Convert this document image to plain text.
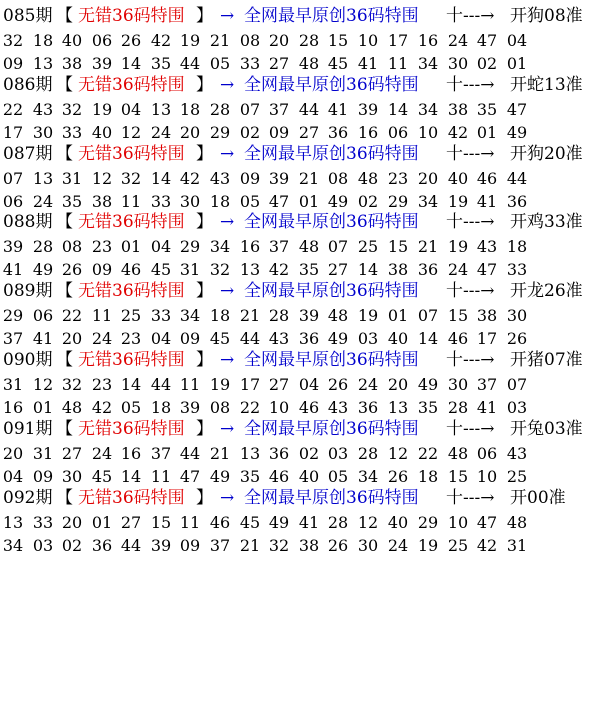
085期 【 无错36码特围 】 → 全网最早原创36码特围 十---→ 开狗08准
32 18 40 06 26 42 19 21 08 20 28 15 10 17 16 24 47 04
09 13 38 39 14 35 44 05 33 27 48 45 41 11 34 30 02 01
086期 【 无错36码特围 】 → 全网最早原创36码特围 十---→ 开蛇13准
22 43 32 19 04 13 18 28 07 37 44 41 39 14 34 38 35 47
17 30 33 40 12 24 20 29 02 09 27 36 16 06 10 42 01 49
087期 【 无错36码特围 】 → 全网最早原创36码特围 十---→ 开狗20准
07 13 31 12 32 14 42 43 09 39 21 08 48 23 20 40 46 44
06 24 35 38 11 33 30 18 05 47 01 49 02 29 34 19 41 36
088期 【 无错36码特围 】 → 全网最早原创36码特围 十---→ 开鸡33准
39 28 08 23 01 04 29 34 16 37 48 07 25 15 21 19 43 18
41 49 26 09 46 45 31 32 13 42 35 27 14 38 36 24 47 33
089期 【 无错36码特围 】 → 全网最早原创36码特围 十---→ 开龙26准
29 06 22 11 25 33 34 18 21 28 39 48 19 01 07 15 38 30
37 41 20 24 23 04 09 45 44 43 36 49 03 40 14 46 17 26
090期 【 无错36码特围 】 → 全网最早原创36码特围 十---→ 开猪07准
31 12 32 23 14 44 11 19 17 27 04 26 24 20 49 30 37 07
16 01 48 42 05 18 39 08 22 10 46 43 36 13 35 28 41 03
091期 【 无错36码特围 】 → 全网最早原创36码特围 十---→ 开兔03准
20 31 27 24 16 37 44 21 13 36 02 03 28 12 22 48 06 43
04 09 30 45 14 11 47 49 35 46 40 05 34 26 18 15 10 25
092期 【 无错36码特围 】 → 全网最早原创36码特围 十---→ 开00准
13 33 20 01 27 15 11 46 45 49 41 28 12 40 29 10 47 48
34 03 02 36 44 39 09 37 21 32 38 26 30 24 19 25 42 31
